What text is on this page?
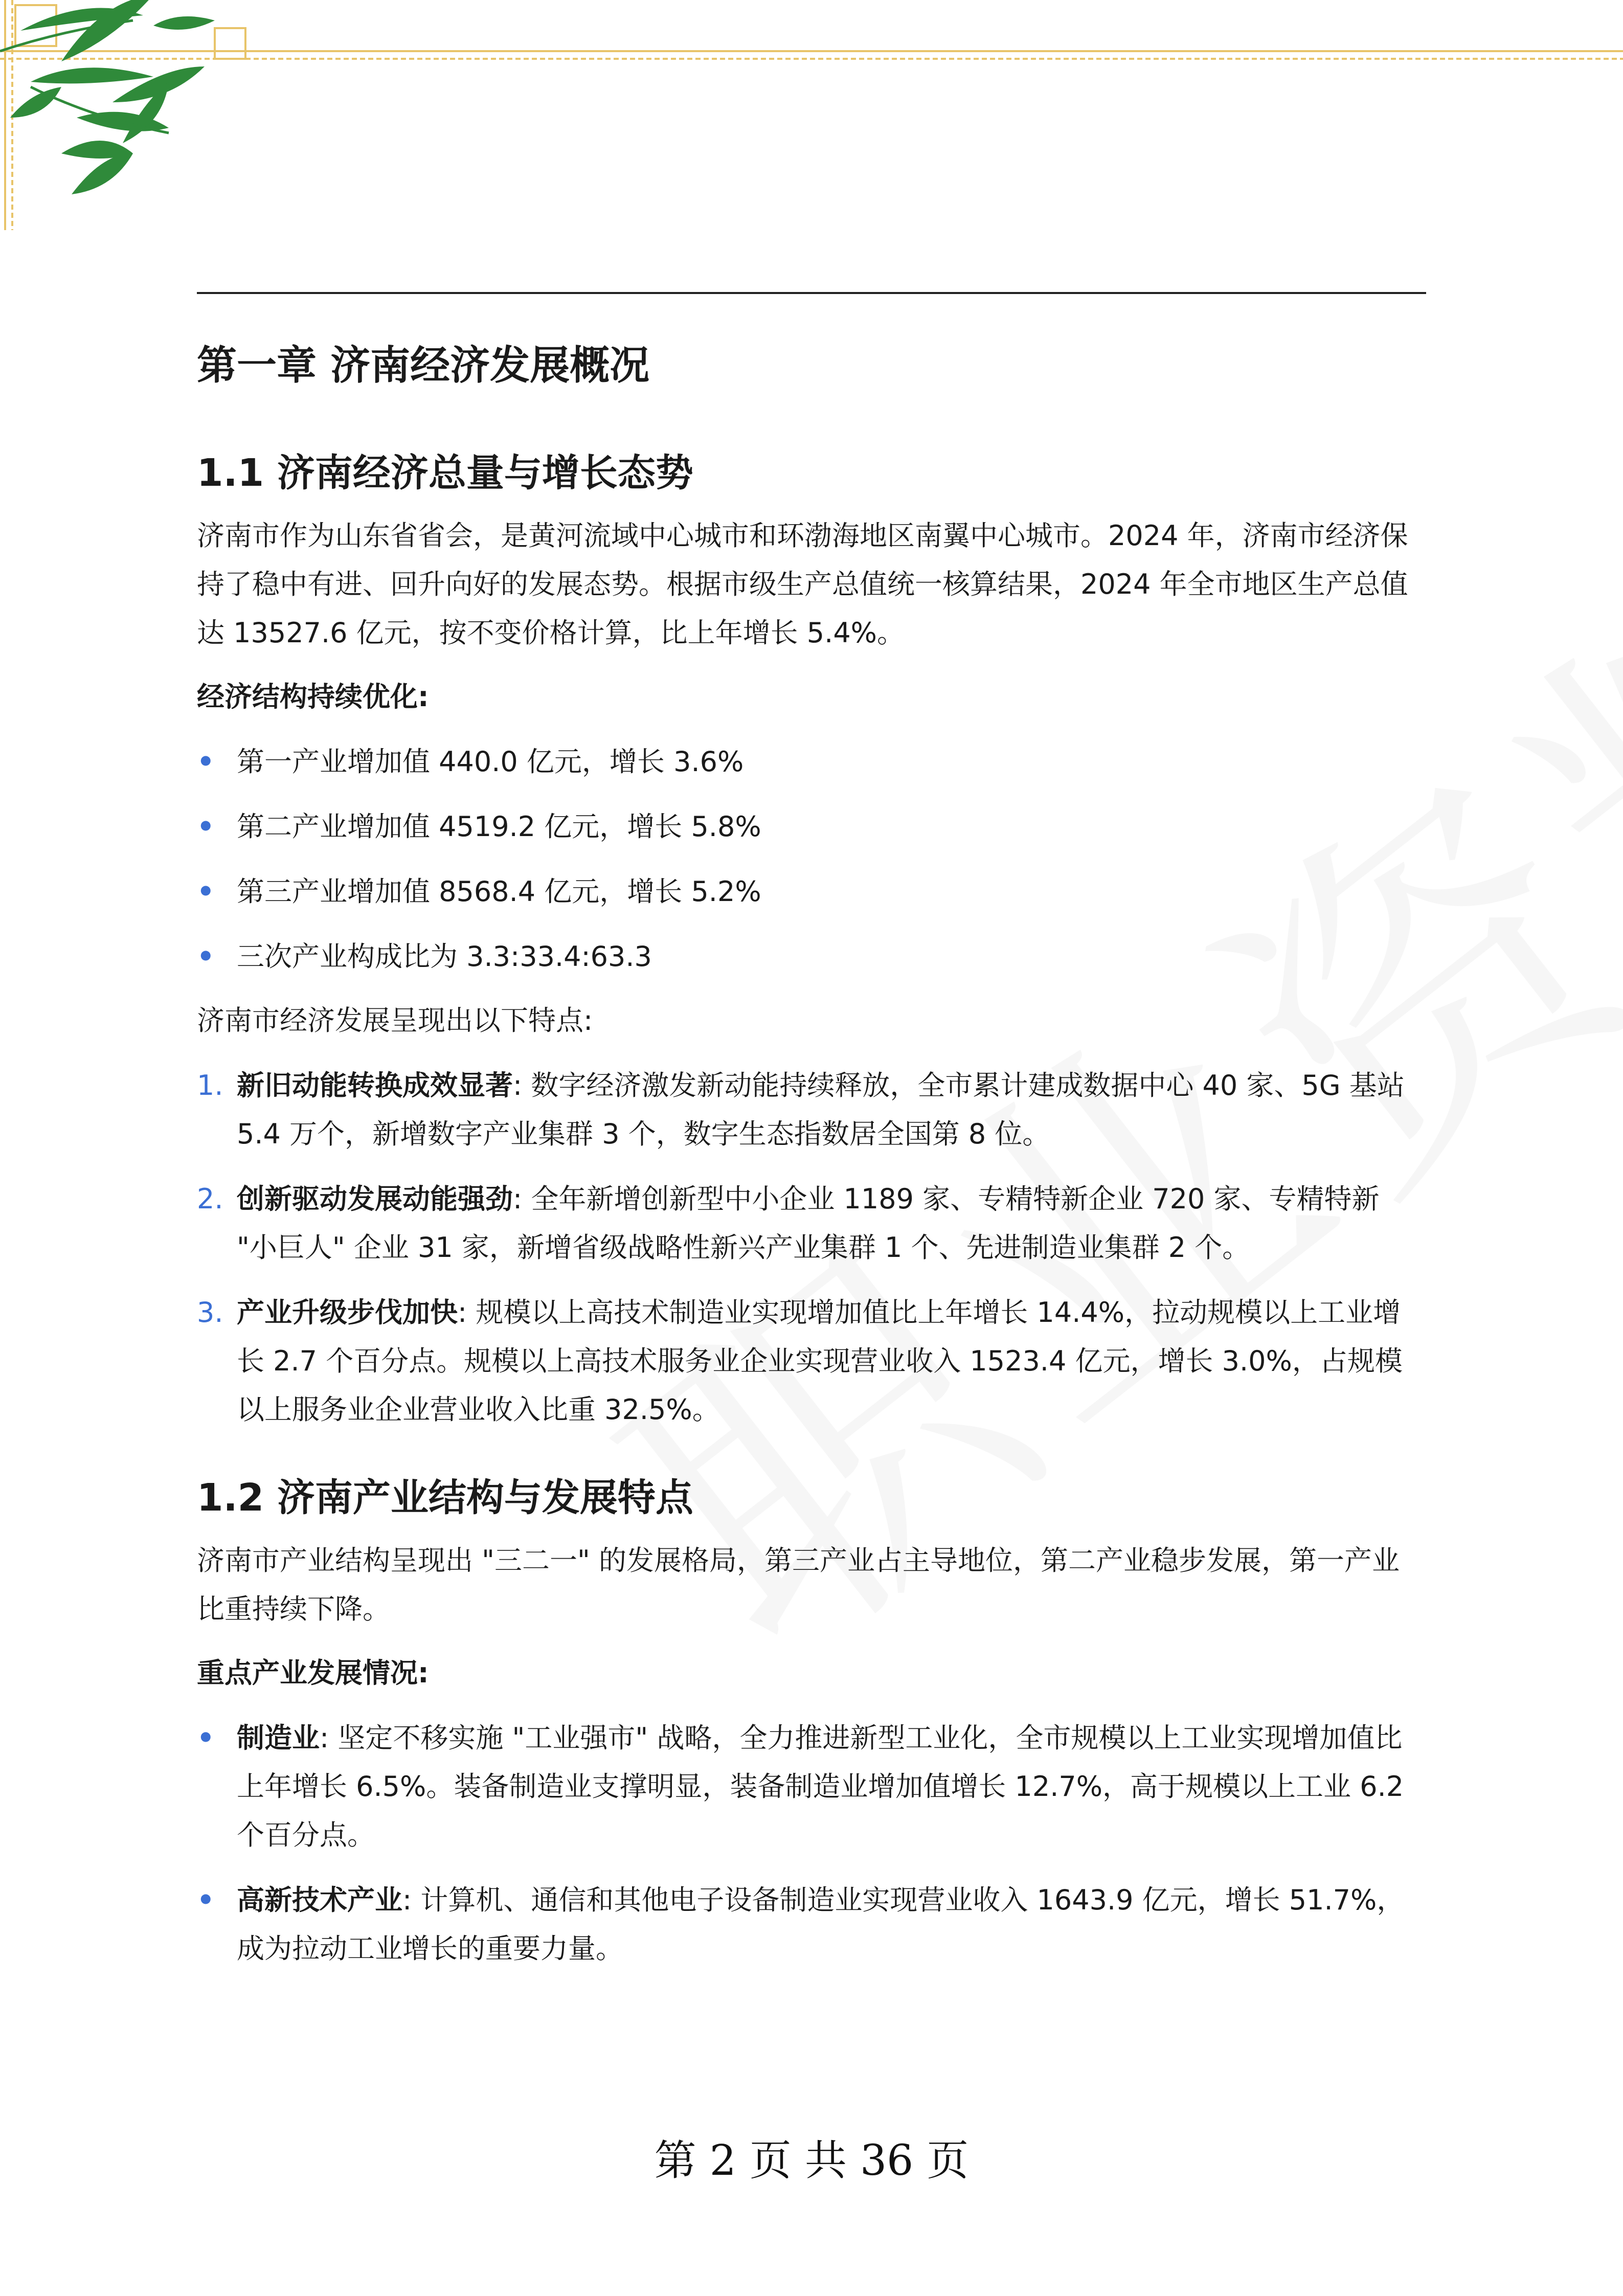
第一章 济南经济发展概况
1.1 济南经济总量与增长态势

济南市作为山东省省会，是黄河流域中心城市和环渤海地区南翼中心城市。2024 年，济南市经济保持了稳中有进、回升向好的发展态势。根据市级生产总值统一核算结果，2024 年全市地区生产总值达 13527.6 亿元，按不变价格计算，比上年增长 5.4%。

经济结构持续优化:

• 第一产业增加值 440.0 亿元，增长 3.6%
• 第二产业增加值 4519.2 亿元，增长 5.8%
• 第三产业增加值 8568.4 亿元，增长 5.2%
• 三次产业构成比为 3.3:33.4:63.3

济南市经济发展呈现出以下特点:

1. 新旧动能转换成效显著: 数字经济激发新动能持续释放，全市累计建成数据中心 40 家、5G 基站 5.4 万个，新增数字产业集群 3 个，数字生态指数居全国第 8 位。
2. 创新驱动发展动能强劲: 全年新增创新型中小企业 1189 家、专精特新企业 720 家、专精特新 "小巨人" 企业 31 家，新增省级战略性新兴产业集群 1 个、先进制造业集群 2 个。
3. 产业升级步伐加快: 规模以上高技术制造业实现增加值比上年增长 14.4%，拉动规模以上工业增长 2.7 个百分点。规模以上高技术服务业企业实现营业收入 1523.4 亿元，增长 3.0%，占规模以上服务业企业营业收入比重 32.5%。
1.2 济南产业结构与发展特点

济南市产业结构呈现出 "三二一" 的发展格局，第三产业占主导地位，第二产业稳步发展，第一产业比重持续下降。

重点产业发展情况:

• 制造业: 坚定不移实施 "工业强市" 战略，全力推进新型工业化，全市规模以上工业实现增加值比上年增长 6.5%。装备制造业支撑明显，装备制造业增加值增长 12.7%，高于规模以上工业 6.2 个百分点。
• 高新技术产业: 计算机、通信和其他电子设备制造业实现营业收入 1643.9 亿元，增长 51.7%，成为拉动工业增长的重要力量。
第 2 页 共 36 页
